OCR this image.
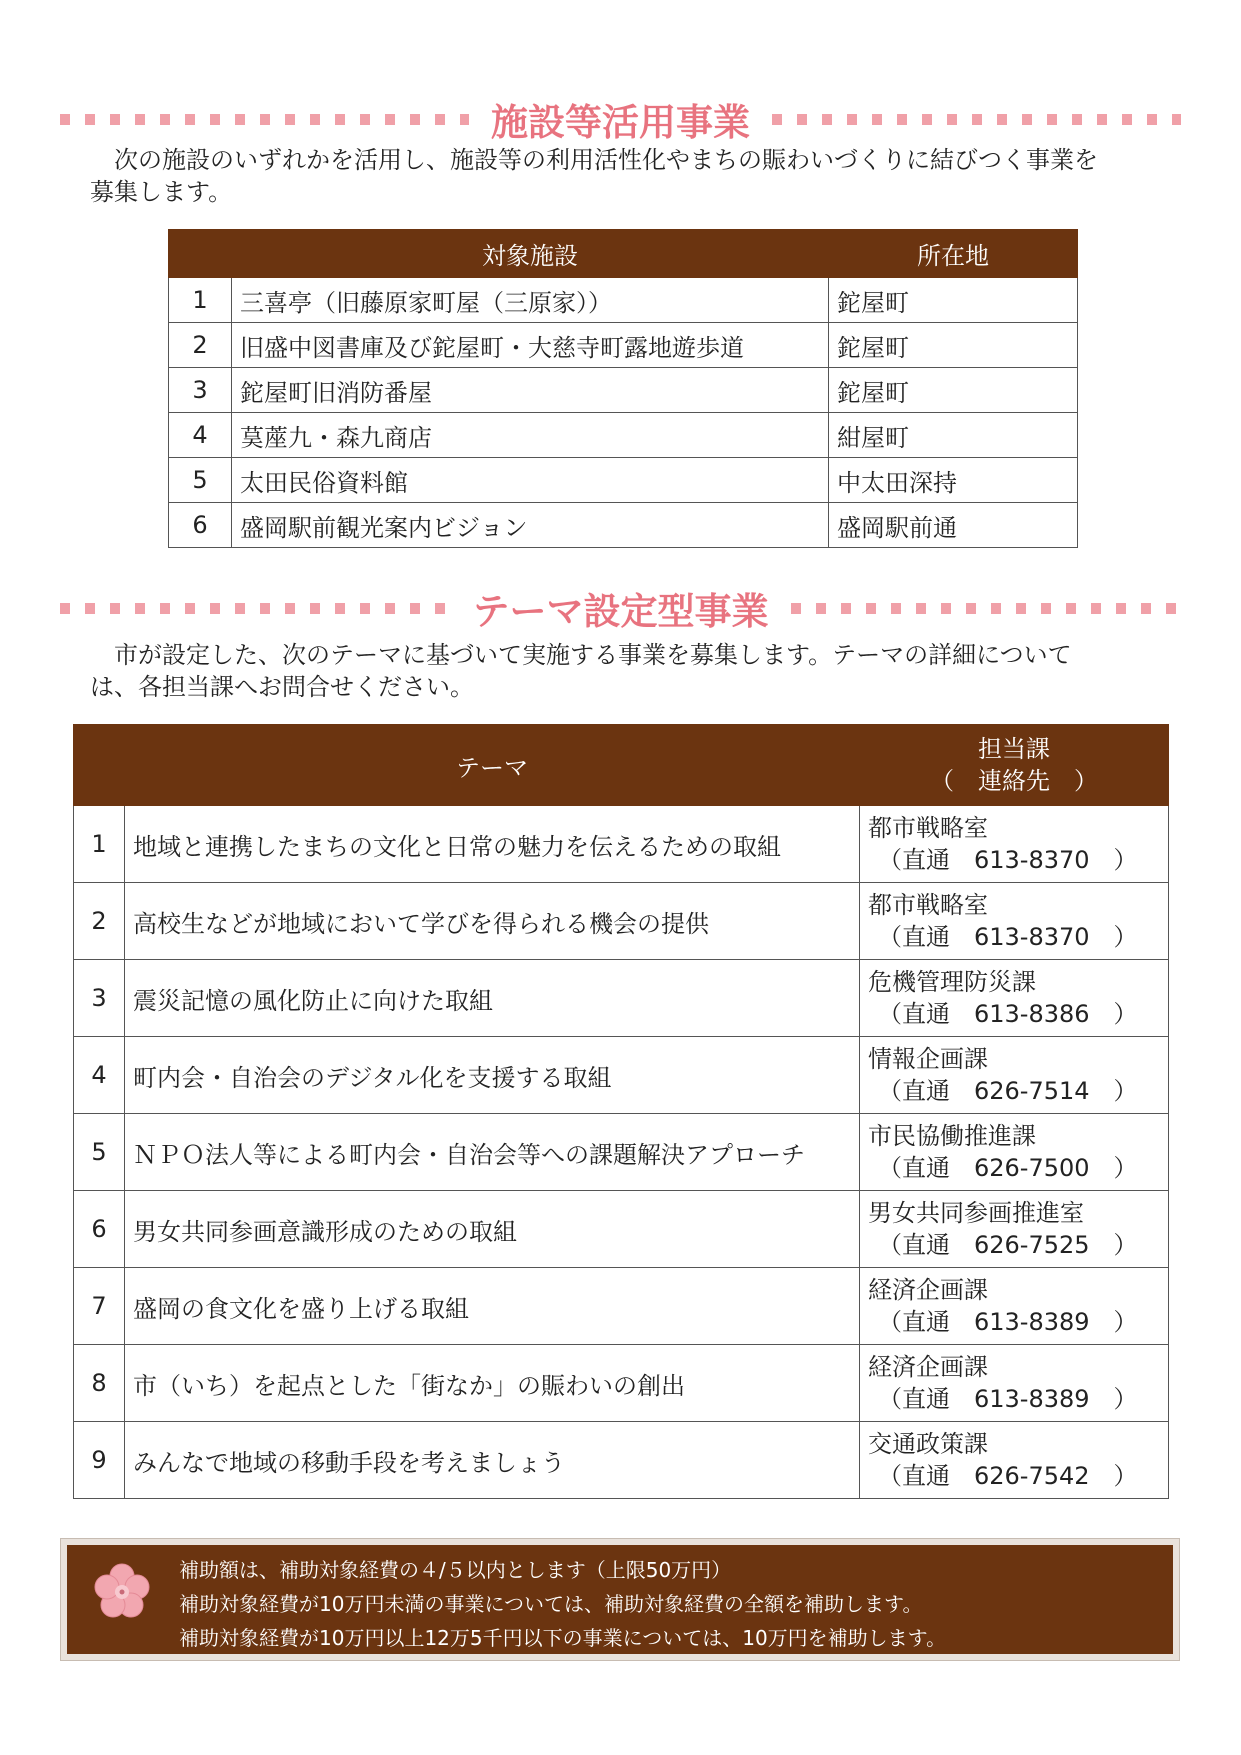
施設等活用事業
次の施設のいずれかを活用し、施設等の利用活性化やまちの賑わいづくりに結びつく事業を
募集します。
	対象施設	所在地
1	三喜亭（旧藤原家町屋（三原家））	鉈屋町
2	旧盛中図書庫及び鉈屋町・大慈寺町露地遊歩道	鉈屋町
3	鉈屋町旧消防番屋	鉈屋町
4	茣蓙九・森九商店	紺屋町
5	太田民俗資料館	中太田深持
6	盛岡駅前観光案内ビジョン	盛岡駅前通
テーマ設定型事業
市が設定した、次のテーマに基づいて実施する事業を募集します。テーマの詳細について
は、各担当課へお問合せください。
	テーマ	担当課
（　連絡先　）

1	地域と連携したまちの文化と日常の魅力を伝えるための取組	都市戦略室
（直通　613-8370　）

2	高校生などが地域において学びを得られる機会の提供	都市戦略室
（直通　613-8370　）

3	震災記憶の風化防止に向けた取組	危機管理防災課
（直通　613-8386　）

4	町内会・自治会のデジタル化を支援する取組	情報企画課
（直通　626-7514　）

5	ＮＰＯ法人等による町内会・自治会等への課題解決アプローチ	市民協働推進課
（直通　626-7500　）

6	男女共同参画意識形成のための取組	男女共同参画推進室
（直通　626-7525　）

7	盛岡の食文化を盛り上げる取組	経済企画課
（直通　613-8389　）

8	市（いち）を起点とした「街なか」の賑わいの創出	経済企画課
（直通　613-8389　）

9	みんなで地域の移動手段を考えましょう	交通政策課
（直通　626-7542　）
補助額は、補助対象経費の４/５以内とします（上限50万円）
補助対象経費が10万円未満の事業については、補助対象経費の全額を補助します。
補助対象経費が10万円以上12万5千円以下の事業については、10万円を補助します。
